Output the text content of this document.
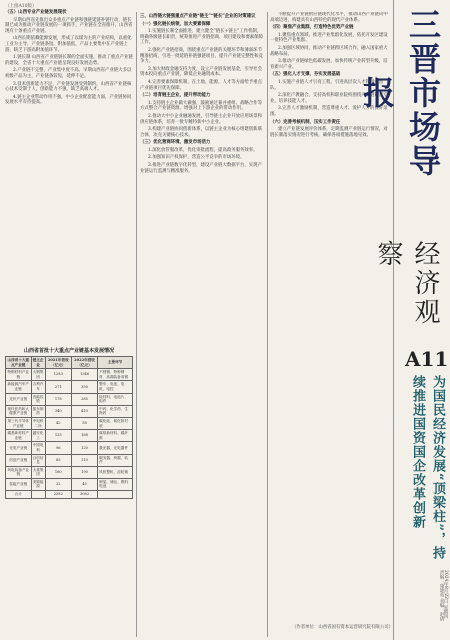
（上接A10版）

（五）山西专业产业链发展现状

早期山西省先推出众多重点产业链和强链延链补链行动，链长制已成为推动产业链发展的一项抓手，产业链在全省推开，山西省现有十条重点产业链。

山西长期依赖能源发展，形成了以煤为主的产业结构，以重化工业为主导，产业链条短、附加值低，产品主要集中在产业链上游，缺乏下游高附加值环节。

1.链长制 山西省产业链链长制的全面实施，推动了重点产业链的建设，全省十大重点产业链呈现良好发展态势。

2.产业链不完整，产业集中度不高。早期山西省产业链大多以初级产品为主，产业链条较短，延伸不足。

3.技术创新能力不足，产业链发展受到制约。山西省产业链核心技术受制于人，创新能力不强，缺乏高端人才。

4.链主企业带动作用不强，中小企业配套能力弱，产业链协同发展水平有待提高。

山西省首批十大重点产业链基本发展情况
山西省十大重点产业链	链主企业	2021年营收（亿元）	2022年营收（亿元）	主要环节
特钢材料产业链	太钢集团	1283	1346	不锈钢、特种钢材、高端装备用钢
新能源汽车产业链	吉利汽车	271	350	整车、电池、电机、电控
光伏产业链	晋能控股	178	285	硅材料、电池片、组件
现代医药和大健康产业链	振东制药	340	410	中药、化学药、生物药
第三代半导体产业链	中电科二所	42	58	碳化硅、氮化镓衬底
碳基新材料产业链	潞安化工	125	168	煤基新材料、碳纤维
光电产业链	中国电科	96	120	激光器、光电器件
信创产业链	百信信息	85	110	服务器、终端、软件
风电装备产业链	太重集团	160	190	风机整机、齿轮箱
氢能产业链	美锦能源	32	45	制氢、储运、燃料电池
合计		2582	3082	

三、山西链大链强重点产业链“链主”“链长”企业的对策建议

（一）强化链长统领，加大要素保障

1.实施链长制全面推进，建立健全“链长+链主”工作机制，明确各级链长职责，统筹推进产业链招商、项目建设和要素保障工作。

2.强化产业链招商，围绕重点产业链的关键环节和薄弱环节精准招商，引进一批延链补链强链项目，提升产业链完整性和竞争力。

3.加大财政金融支持力度，设立产业链发展基金，引导社会资本投向重点产业链，降低企业融资成本。

4.完善要素保障机制，在土地、能源、人才等方面给予重点产业链项目优先保障。

（二）培育链主企业，提升带动能力

1.支持链主企业做大做强，鼓励通过兼并重组、战略合作等方式整合产业链资源，增强对上下游企业的带动作用。

2.推动大中小企业融通发展，引导链主企业开放应用场景和供应链体系，培育一批专精特新中小企业。

3.构建产业链协同创新体系，以链主企业为核心组建创新联合体，攻克关键核心技术。

（三）优化营商环境，激发市场活力

1.深化放管服改革，优化审批流程，提高政务服务效率。

2.加强知识产权保护，营造公平竞争的市场环境。

3.推进产业链数字化转型，建设产业链大数据平台，实现产业链运行监测与精准服务。

不断提升产业链供应链现代化水平，推动山西产业链向中高端迈进，构建具有山西特色的现代产业体系。

（四）聚焦产业集群，打造特色优势产业链

1.聚焦重点领域，推进产业集群化发展，依托开发区建设一批特色产业集群。

2.加强区域协同，推动产业链跨区域合作，融入国家重大战略布局。

3.推动产业链绿色低碳发展，加快传统产业转型升级，培育新兴产业。

（五）强化人才支撑，夯实发展基础

1.实施产业链人才引育工程，引进高层次人才和创新团队。

2.深化产教融合，支持高校和职业院校围绕产业链设置专业，培养技能人才。

3.完善人才激励机制，营造尊重人才、爱护人才的良好氛围。

（六）完善考核机制，压实工作责任

建立产业链发展评价体系，定期监测产业链运行情况，对链长制落实情况进行考核，确保各项措施落地见效。

（作者单位：山西省国有资本运营研究院有限公司）
三晋市场导报
经济观察
A11
为国民经济发展“顶梁柱”，持续推进国资国企改革创新
责编：康建英 美编：赵倩 2024年8月22日 星期四
